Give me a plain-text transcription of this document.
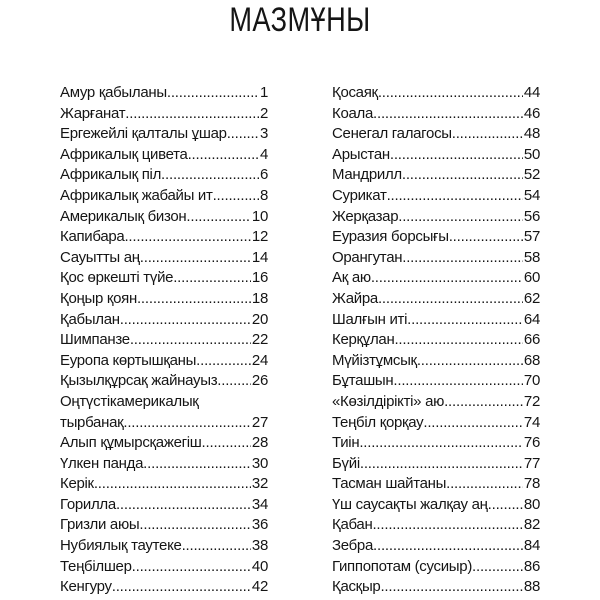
МАЗМҰНЫ
Амур қабыланы .....	1
Жарғанат .....	2
Ергежейлі қалталы ұшар ..... 3
Африкалық цивета .....	4
Африкалық піл .....	6
Африкалық жабайы ит .....	8
Америкалық бизон .....	10
Капибара .....	12
Сауытты аң .....	14
Қос өркешті түйе .....	16
Қоңыр қоян .....	18
Қабылан .....	20
Шимпанзе .....	22
Еуропа көртышқаны .....	24
Қызылқұрсақ жайнауыз ..... 26
Оңтүстікамерикалық
тырбанақ .....	27
Алып құмырсқажегіш .....	28
Үлкен панда .....	30
Керік .....	32
Горилла .....	34
Гризли аюы .....	36
Нубиялық таутеке .....	38
Теңбілшер .....	40
Кенгуру .....	42
Қосаяқ .....	44
Коала .....	46
Сенегал галагосы .....	48
Арыстан .....	50
Мандрилл .....	52
Сурикат .....	54
Жерқазар .....	56
Еуразия борсығы .....	57
Орангутан .....	58
Ақ аю .....	60
Жайра .....	62
Шалғын иті .....	64
Керқұлан .....	66
Мүйізтұмсық .....	68
Бұташын .....	70
«Көзілдірікті» аю .....	72
Теңбіл қорқау .....	74
Тиін .....	76
Бүйі .....	77
Тасман шайтаны .....	78
Үш саусақты жалқау аң ..... 80
Қабан .....	82
Зебра .....	84
Гиппопотам (сусиыр) .....	86
Қасқыр .....	88
